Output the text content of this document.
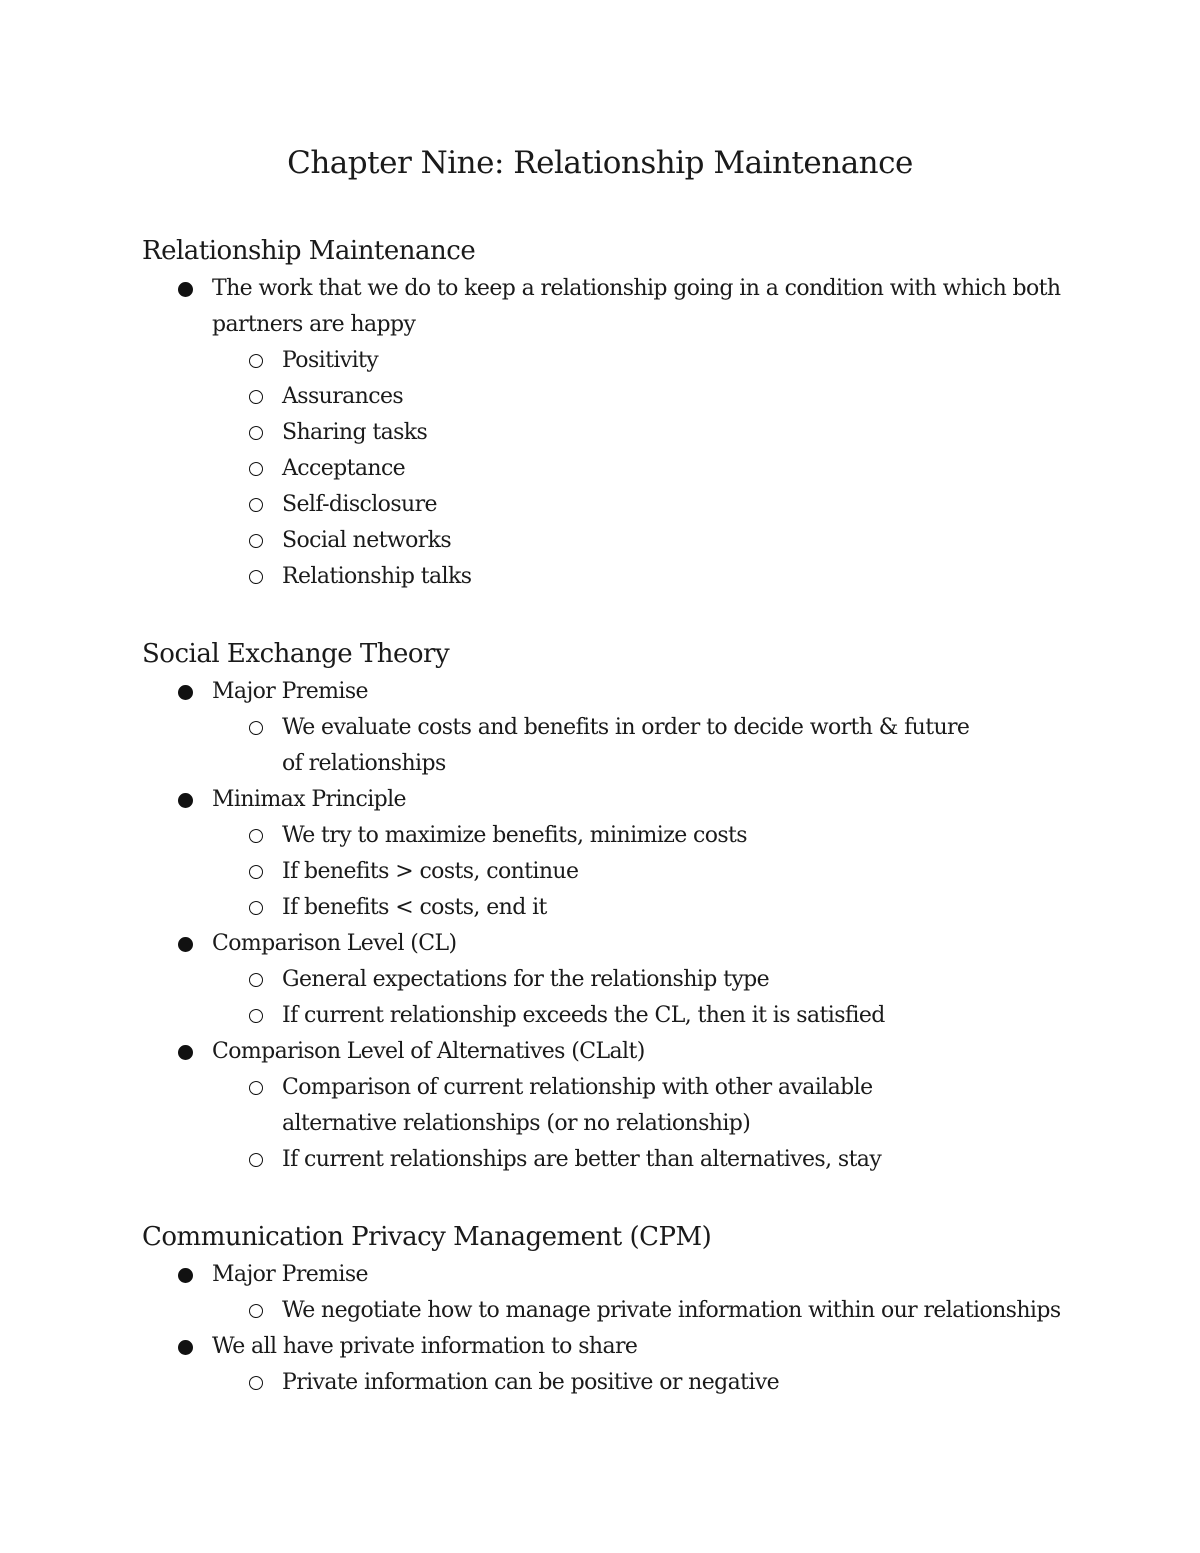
Chapter Nine: Relationship Maintenance
Relationship Maintenance
The work that we do to keep a relationship going in a condition with which both partners are happy
Positivity
Assurances
Sharing tasks
Acceptance
Self-disclosure
Social networks
Relationship talks
Social Exchange Theory
Major Premise
We evaluate costs and benefits in order to decide worth & future of relationships
Minimax Principle
We try to maximize benefits, minimize costs
If benefits > costs, continue
If benefits < costs, end it
Comparison Level (CL)
General expectations for the relationship type
If current relationship exceeds the CL, then it is satisfied
Comparison Level of Alternatives (CLalt)
Comparison of current relationship with other available alternative relationships (or no relationship)
If current relationships are better than alternatives, stay
Communication Privacy Management (CPM)
Major Premise
We negotiate how to manage private information within our relationships
We all have private information to share
Private information can be positive or negative
